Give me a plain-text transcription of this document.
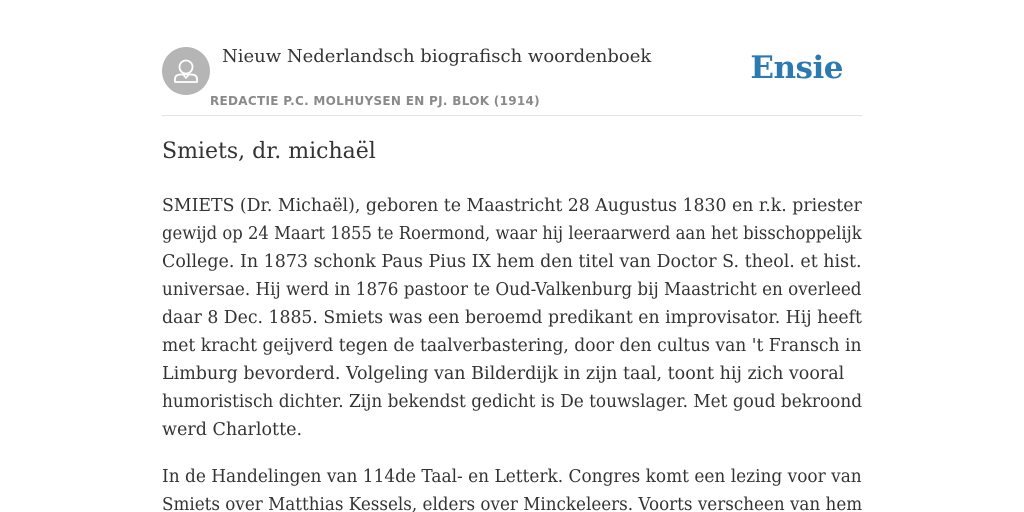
Nieuw Nederlandsch biografisch woordenboek
REDACTIE P.C. MOLHUYSEN EN PJ. BLOK (1914)
Ensie
Smiets, dr. michaël

SMIETS (Dr. Michaël), geboren te Maastricht 28 Augustus 1830 en r.k. priester
gewijd op 24 Maart 1855 te Roermond, waar hij leeraarwerd aan het bisschoppelijk
College. In 1873 schonk Paus Pius IX hem den titel van Doctor S. theol. et hist.
universae. Hij werd in 1876 pastoor te Oud-Valkenburg bij Maastricht en overleed
daar 8 Dec. 1885. Smiets was een beroemd predikant en improvisator. Hij heeft
met kracht geijverd tegen de taalverbastering, door den cultus van 't Fransch in
Limburg bevorderd. Volgeling van Bilderdijk in zijn taal, toont hij zich vooral
humoristisch dichter. Zijn bekendst gedicht is De touwslager. Met goud bekroond
werd Charlotte.

In de Handelingen van 114de Taal- en Letterk. Congres komt een lezing voor van
Smiets over Matthias Kessels, elders over Minckeleers. Voorts verscheen van hem
